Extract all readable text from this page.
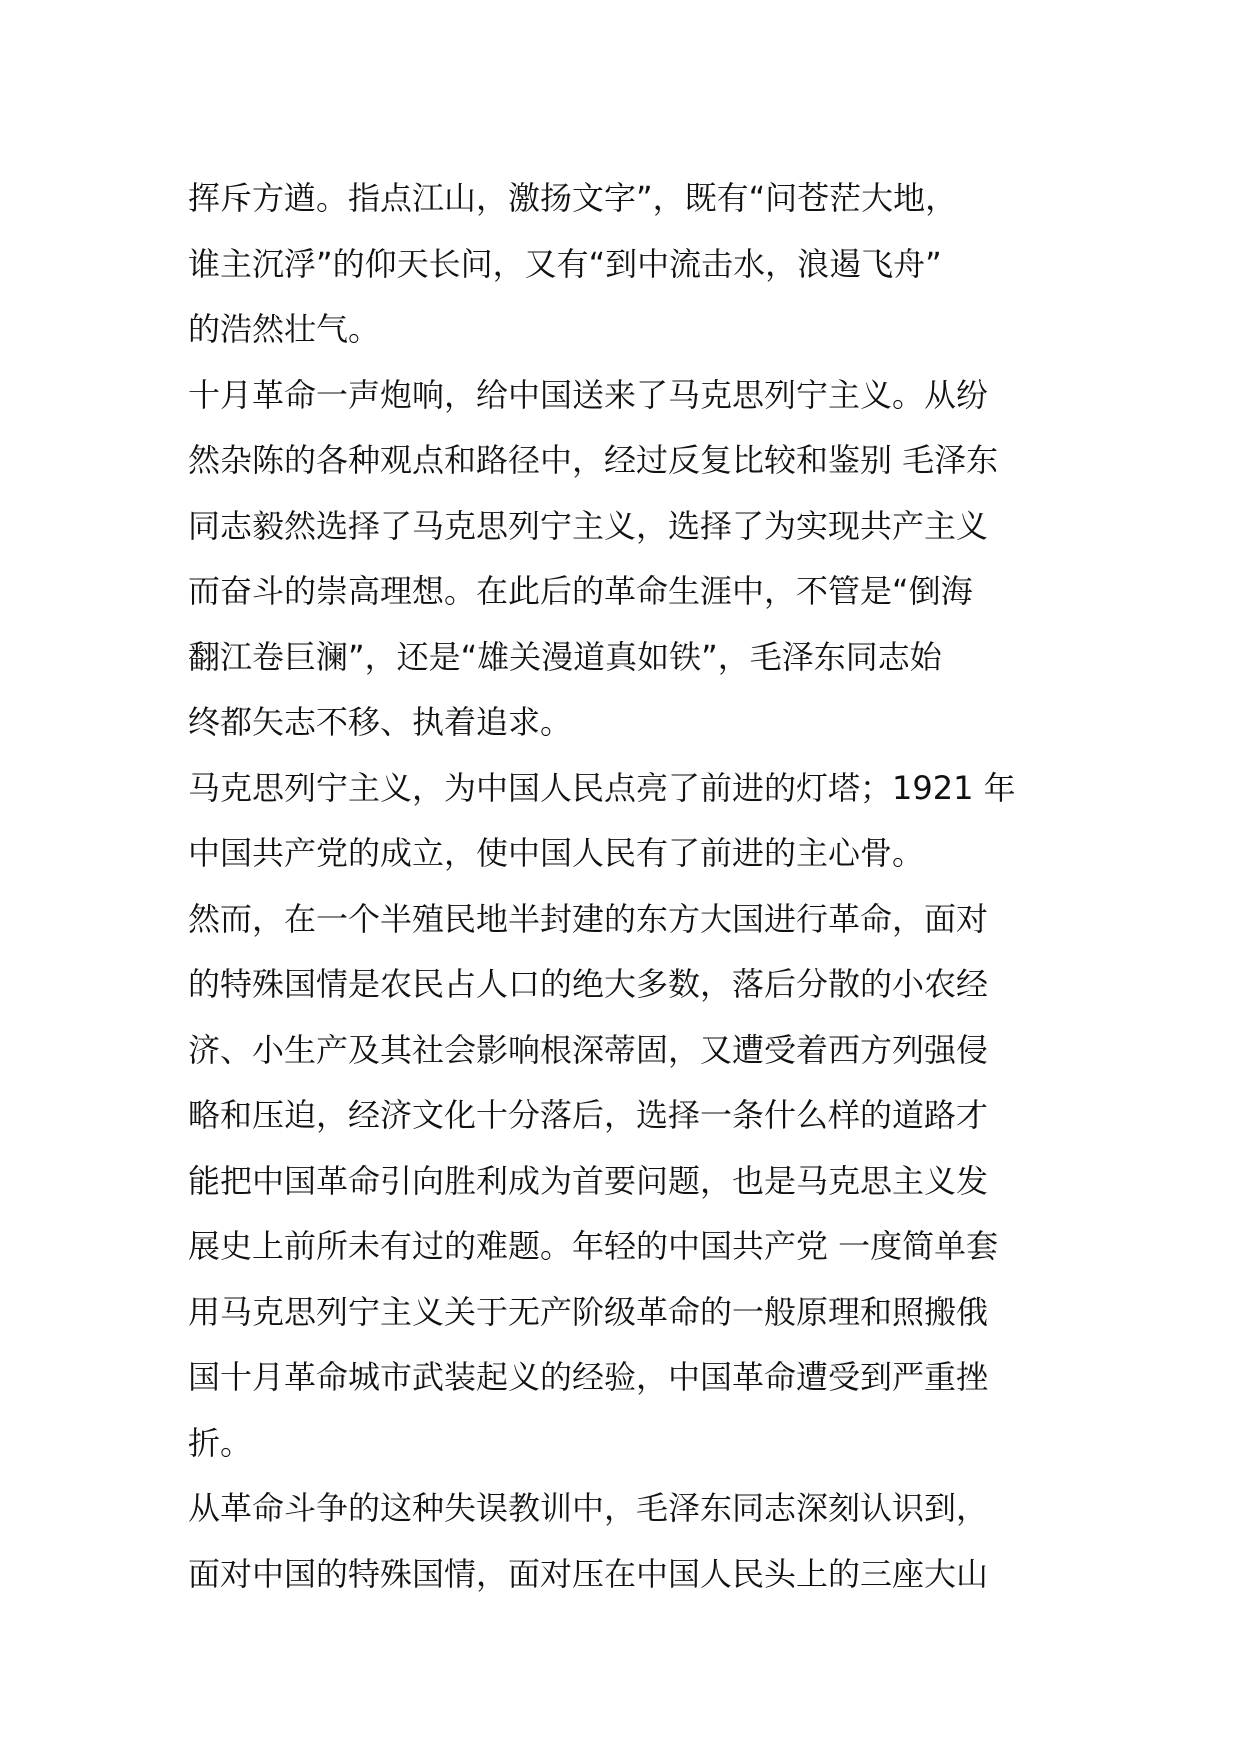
挥斥方遒。指点江山，激扬文字”，既有“问苍茫大地，
谁主沉浮”的仰天长问，又有“到中流击水，浪遏飞舟”
的浩然壮气。

十月革命一声炮响，给中国送来了马克思列宁主义。从纷
然杂陈的各种观点和路径中，经过反复比较和鉴别 毛泽东
同志毅然选择了马克思列宁主义，选择了为实现共产主义
而奋斗的崇高理想。在此后的革命生涯中，不管是“倒海
翻江卷巨澜”，还是“雄关漫道真如铁”，毛泽东同志始
终都矢志不移、执着追求。

马克思列宁主义，为中国人民点亮了前进的灯塔；1921 年
中国共产党的成立，使中国人民有了前进的主心骨。

然而，在一个半殖民地半封建的东方大国进行革命，面对
的特殊国情是农民占人口的绝大多数，落后分散的小农经
济、小生产及其社会影响根深蒂固，又遭受着西方列强侵
略和压迫，经济文化十分落后，选择一条什么样的道路才
能把中国革命引向胜利成为首要问题，也是马克思主义发
展史上前所未有过的难题。年轻的中国共产党 一度简单套
用马克思列宁主义关于无产阶级革命的一般原理和照搬俄
国十月革命城市武装起义的经验，中国革命遭受到严重挫
折。

从革命斗争的这种失误教训中，毛泽东同志深刻认识到，
面对中国的特殊国情，面对压在中国人民头上的三座大山
